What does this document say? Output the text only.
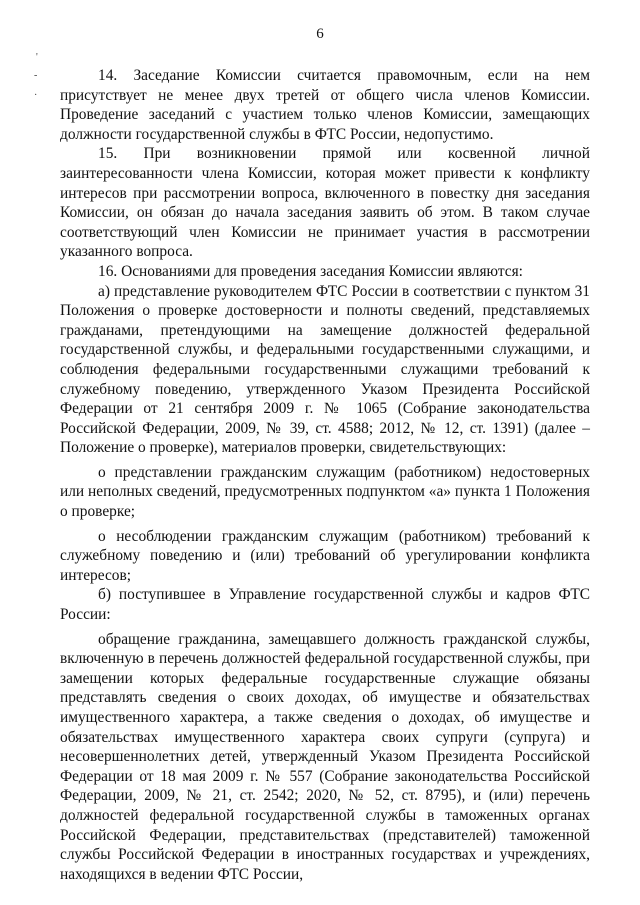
6
'
-
·

14. Заседание Комиссии считается правомочным, если на нем присутствует не менее двух третей от общего числа членов Комиссии. Проведение заседаний с участием только членов Комиссии, замещающих должности государственной службы в ФТС России, недопустимо.

15. При возникновении прямой или косвенной личной заинтересованности члена Комиссии, которая может привести к конфликту интересов при рассмотрении вопроса, включенного в повестку дня заседания Комиссии, он обязан до начала заседания заявить об этом. В таком случае соответствующий член Комиссии не принимает участия в рассмотрении указанного вопроса.

16. Основаниями для проведения заседания Комиссии являются:

а) представление руководителем ФТС России в соответствии с пунктом 31 Положения о проверке достоверности и полноты сведений, представляемых гражданами, претендующими на замещение должностей федеральной государственной службы, и федеральными государственными служащими, и соблюдения федеральными государственными служащими требований к служебному поведению, утвержденного Указом Президента Российской Федерации от 21 сентября 2009 г. № 1065 (Собрание законодательства Российской Федерации, 2009, № 39, ст. 4588; 2012, № 12, ст. 1391) (далее – Положение о проверке), материалов проверки, свидетельствующих:

о представлении гражданским служащим (работником) недостоверных или неполных сведений, предусмотренных подпунктом «а» пункта 1 Положения о проверке;

о несоблюдении гражданским служащим (работником) требований к служебному поведению и (или) требований об урегулировании конфликта интересов;

б) поступившее в Управление государственной службы и кадров ФТС России:

обращение гражданина, замещавшего должность гражданской службы, включенную в перечень должностей федеральной государственной службы, при замещении которых федеральные государственные служащие обязаны представлять сведения о своих доходах, об имуществе и обязательствах имущественного характера, а также сведения о доходах, об имуществе и обязательствах имущественного характера своих супруги (супруга) и несовершеннолетних детей, утвержденный Указом Президента Российской Федерации от 18 мая 2009 г. № 557 (Собрание законодательства Российской Федерации, 2009, № 21, ст. 2542; 2020, № 52, ст. 8795), и (или) перечень должностей федеральной государственной службы в таможенных органах Российской Федерации, представительствах (представителей) таможенной службы Российской Федерации в иностранных государствах и учреждениях, находящихся в ведении ФТС России,
